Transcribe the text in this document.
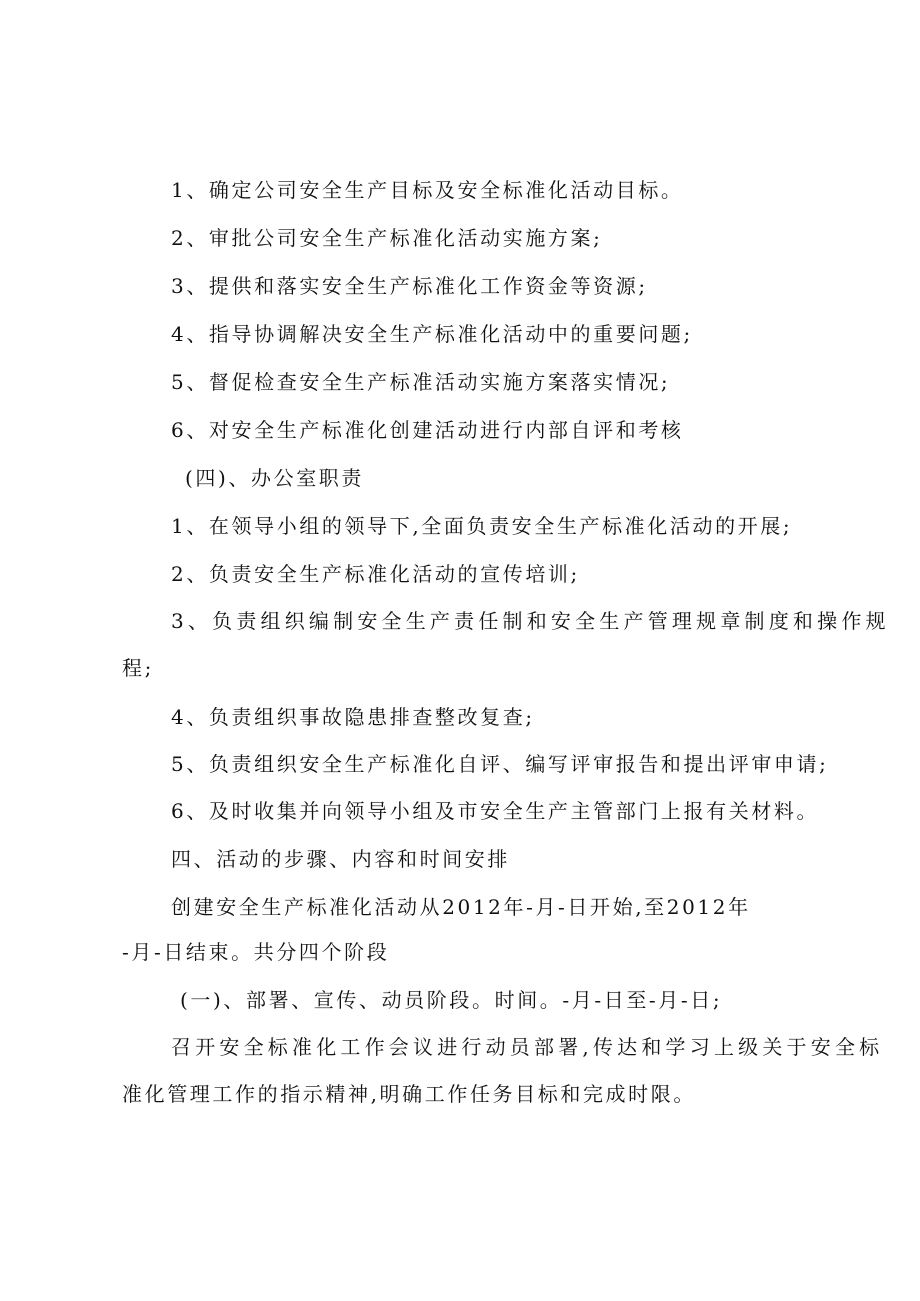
1、确定公司安全生产目标及安全标准化活动目标。
2、审批公司安全生产标准化活动实施方案;
3、提供和落实安全生产标准化工作资金等资源;
4、指导协调解决安全生产标准化活动中的重要问题;
5、督促检查安全生产标准活动实施方案落实情况;
6、对安全生产标准化创建活动进行内部自评和考核
(四)、办公室职责
1、在领导小组的领导下,全面负责安全生产标准化活动的开展;
2、负责安全生产标准化活动的宣传培训;
3、负责组织编制安全生产责任制和安全生产管理规章制度和操作规
程;
4、负责组织事故隐患排查整改复查;
5、负责组织安全生产标准化自评、编写评审报告和提出评审申请;
6、及时收集并向领导小组及市安全生产主管部门上报有关材料。
四、活动的步骤、内容和时间安排
创建安全生产标准化活动从2012年-月-日开始,至2012年
-月-日结束。共分四个阶段
(一)、部署、宣传、动员阶段。时间。-月-日至-月-日;
召开安全标准化工作会议进行动员部署,传达和学习上级关于安全标
准化管理工作的指示精神,明确工作任务目标和完成时限。
